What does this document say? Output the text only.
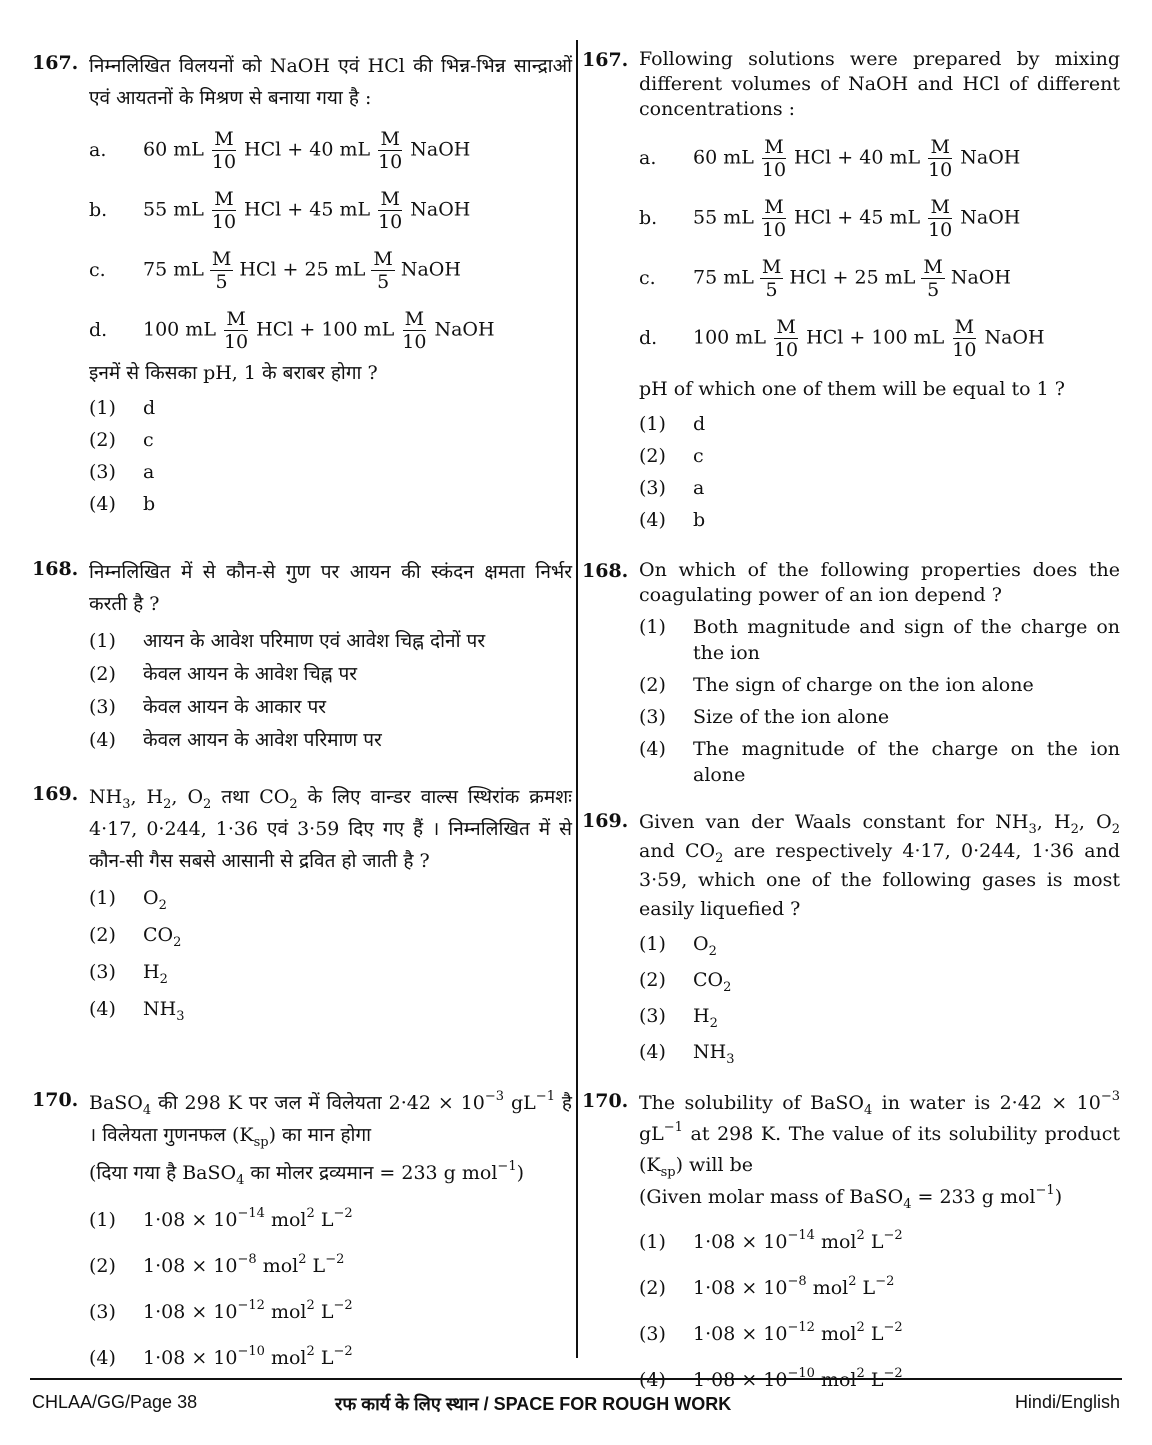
167. निम्नलिखित विलयनों को NaOH एवं HCl की भिन्न-भिन्न सान्द्राओं एवं आयतनों के मिश्रण से बनाया गया है :
a.	60 mL $\frac{M}{10}$ HCl + 40 mL $\frac{M}{10}$ NaOH
b.	55 mL $\frac{M}{10}$ HCl + 45 mL $\frac{M}{10}$ NaOH
c.	75 mL $\frac{M}{5}$ HCl + 25 mL $\frac{M}{5}$ NaOH
d.	100 mL $\frac{M}{10}$ HCl + 100 mL $\frac{M}{10}$ NaOH
इनमें से किसका pH, 1 के बराबर होगा ?
(1)	d
(2)	c
(3)	a
(4)	b
168. निम्नलिखित में से कौन-से गुण पर आयन की स्कंदन क्षमता निर्भर करती है ?
(1)	आयन के आवेश परिमाण एवं आवेश चिह्न दोनों पर
(2)	केवल आयन के आवेश चिह्न पर
(3)	केवल आयन के आकार पर
(4)	केवल आयन के आवेश परिमाण पर
169. $NH_3$, $H_2$, $O_2$ तथा $CO_2$ के लिए वान्डर वाल्स स्थिरांक क्रमशः 4·17, 0·244, 1·36 एवं 3·59 दिए गए हैं । निम्नलिखित में से कौन-सी गैस सबसे आसानी से द्रवित हो जाती है ?
(1)	$O_2$
(2)	$CO_2$
(3)	$H_2$
(4)	$NH_3$
170. BaSO$_4$ की 298 K पर जल में विलेयता $2\cdot 42 \times 10^{-3}$ $gL^{-1}$ है । विलेयता गुणनफल $(K_{sp})$ का मान होगा
(दिया गया है BaSO$_4$ का मोलर द्रव्यमान = 233 g mol$^{-1}$)
(1)	$1\cdot 08 \times 10^{-14}$ mol$^2$ $L^{-2}$
(2)	$1\cdot 08 \times 10^{-8}$ mol$^2$ $L^{-2}$
(3)	$1\cdot 08 \times 10^{-12}$ mol$^2$ $L^{-2}$
(4)	$1\cdot 08 \times 10^{-10}$ mol$^2$ $L^{-2}$
167. Following solutions were prepared by mixing different volumes of NaOH and HCl of different concentrations :
a.	60 mL $\frac{M}{10}$ HCl + 40 mL $\frac{M}{10}$ NaOH
b.	55 mL $\frac{M}{10}$ HCl + 45 mL $\frac{M}{10}$ NaOH
c.	75 mL $\frac{M}{5}$ HCl + 25 mL $\frac{M}{5}$ NaOH
d.	100 mL $\frac{M}{10}$ HCl + 100 mL $\frac{M}{10}$ NaOH
pH of which one of them will be equal to 1 ?
(1)	d
(2)	c
(3)	a
(4)	b
168. On which of the following properties does the coagulating power of an ion depend ?
(1)	Both magnitude and sign of the charge on the ion
(2)	The sign of charge on the ion alone
(3)	Size of the ion alone
(4)	The magnitude of the charge on the ion alone
169. Given van der Waals constant for $NH_3$, $H_2$, $O_2$ and $CO_2$ are respectively 4·17, 0·244, 1·36 and 3·59, which one of the following gases is most easily liquefied ?
(1)	$O_2$
(2)	$CO_2$
(3)	$H_2$
(4)	$NH_3$
170. The solubility of BaSO$_4$ in water is $2\cdot 42 \times 10^{-3}$ $gL^{-1}$ at 298 K. The value of its solubility product $(K_{sp})$ will be
(Given molar mass of BaSO$_4$ = 233 g mol$^{-1}$)
(1)	$1\cdot 08 \times 10^{-14}$ mol$^2$ $L^{-2}$
(2)	$1\cdot 08 \times 10^{-8}$ mol$^2$ $L^{-2}$
(3)	$1\cdot 08 \times 10^{-12}$ mol$^2$ $L^{-2}$
(4)	$1\cdot 08 \times 10^{-10}$ mol$^2$ $L^{-2}$
CHLAA/GG/Page 38	रफ कार्य के लिए स्थान / SPACE FOR ROUGH WORK	Hindi/English
